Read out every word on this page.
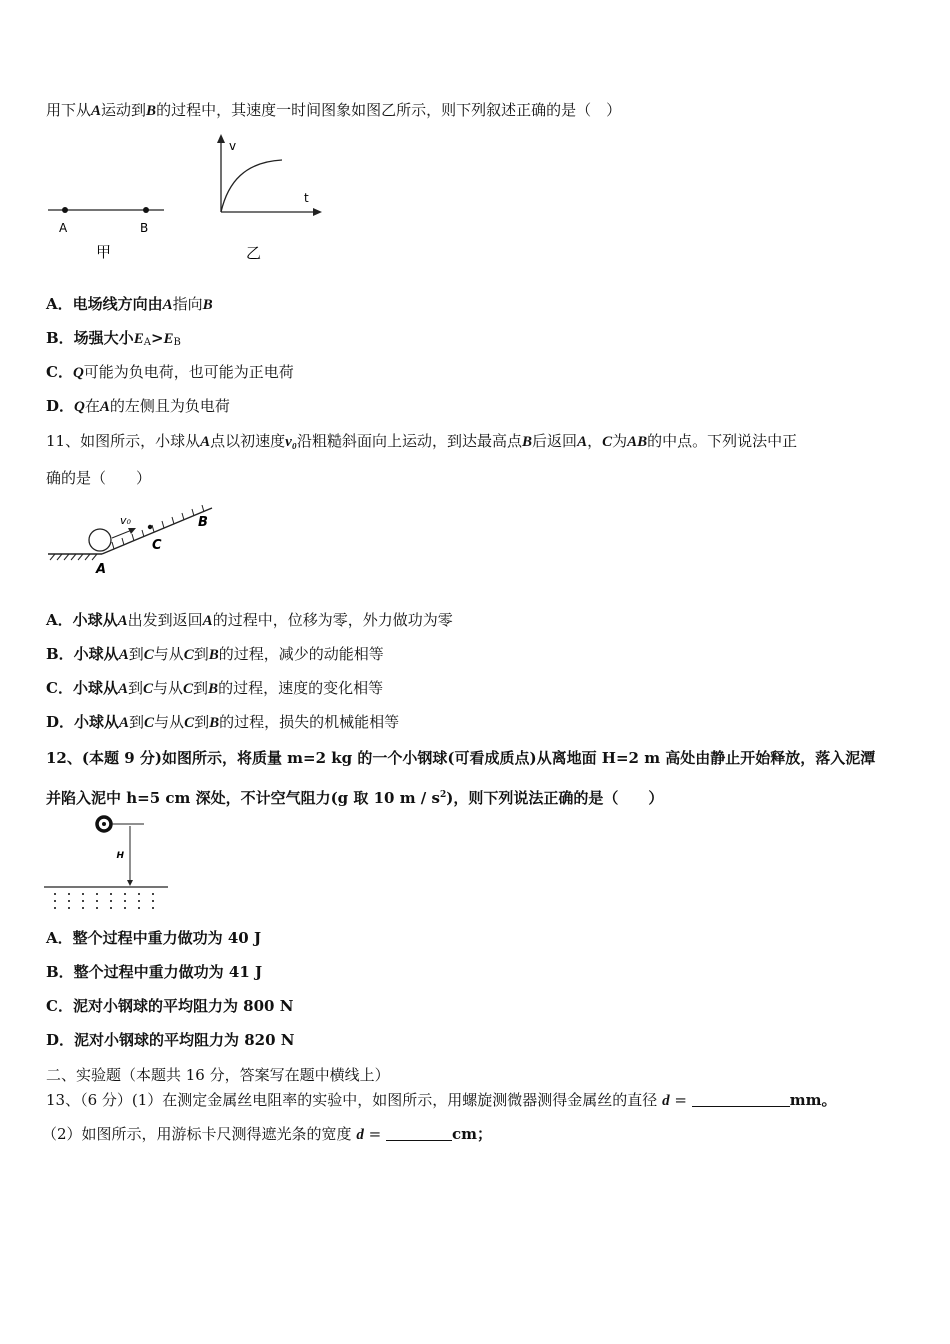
用下从A运动到B的过程中，其速度一时间图象如图乙所示，则下列叙述正确的是（　）
A	B
甲
v
t
乙
A．电场线方向由A指向B
B．场强大小$E_A>E_B$
C．Q可能为负电荷，也可能为正电荷
D．Q在A的左侧且为负电荷
11、如图所示，小球从A点以初速度v₀沿粗糙斜面向上运动，到达最高点B后返回A，C为AB的中点。下列说法中正
确的是（　　）
v₀
C
B
A
A．小球从A出发到返回A的过程中，位移为零，外力做功为零
B．小球从A到C与从C到B的过程，减少的动能相等
C．小球从A到C与从C到B的过程，速度的变化相等
D．小球从A到C与从C到B的过程，损失的机械能相等
12、(本题 9 分)如图所示，将质量 m=2 kg 的一个小钢球(可看成质点)从离地面 H=2 m 高处由静止开始释放，落入泥潭
并陷入泥中 h=5 cm 深处，不计空气阻力(g 取 10 m / $s^2$)，则下列说法正确的是（　　）
H
A．整个过程中重力做功为 40 J
B．整个过程中重力做功为 41 J
C．泥对小钢球的平均阻力为 800 N
D．泥对小钢球的平均阻力为 820 N
二、实验题（本题共 16 分，答案写在题中横线上）
13、（6 分）(1）在测定金属丝电阻率的实验中，如图所示，用螺旋测微器测得金属丝的直径 d =	mm。
（2）如图所示，用游标卡尺测得遮光条的宽度 d =	cm；
